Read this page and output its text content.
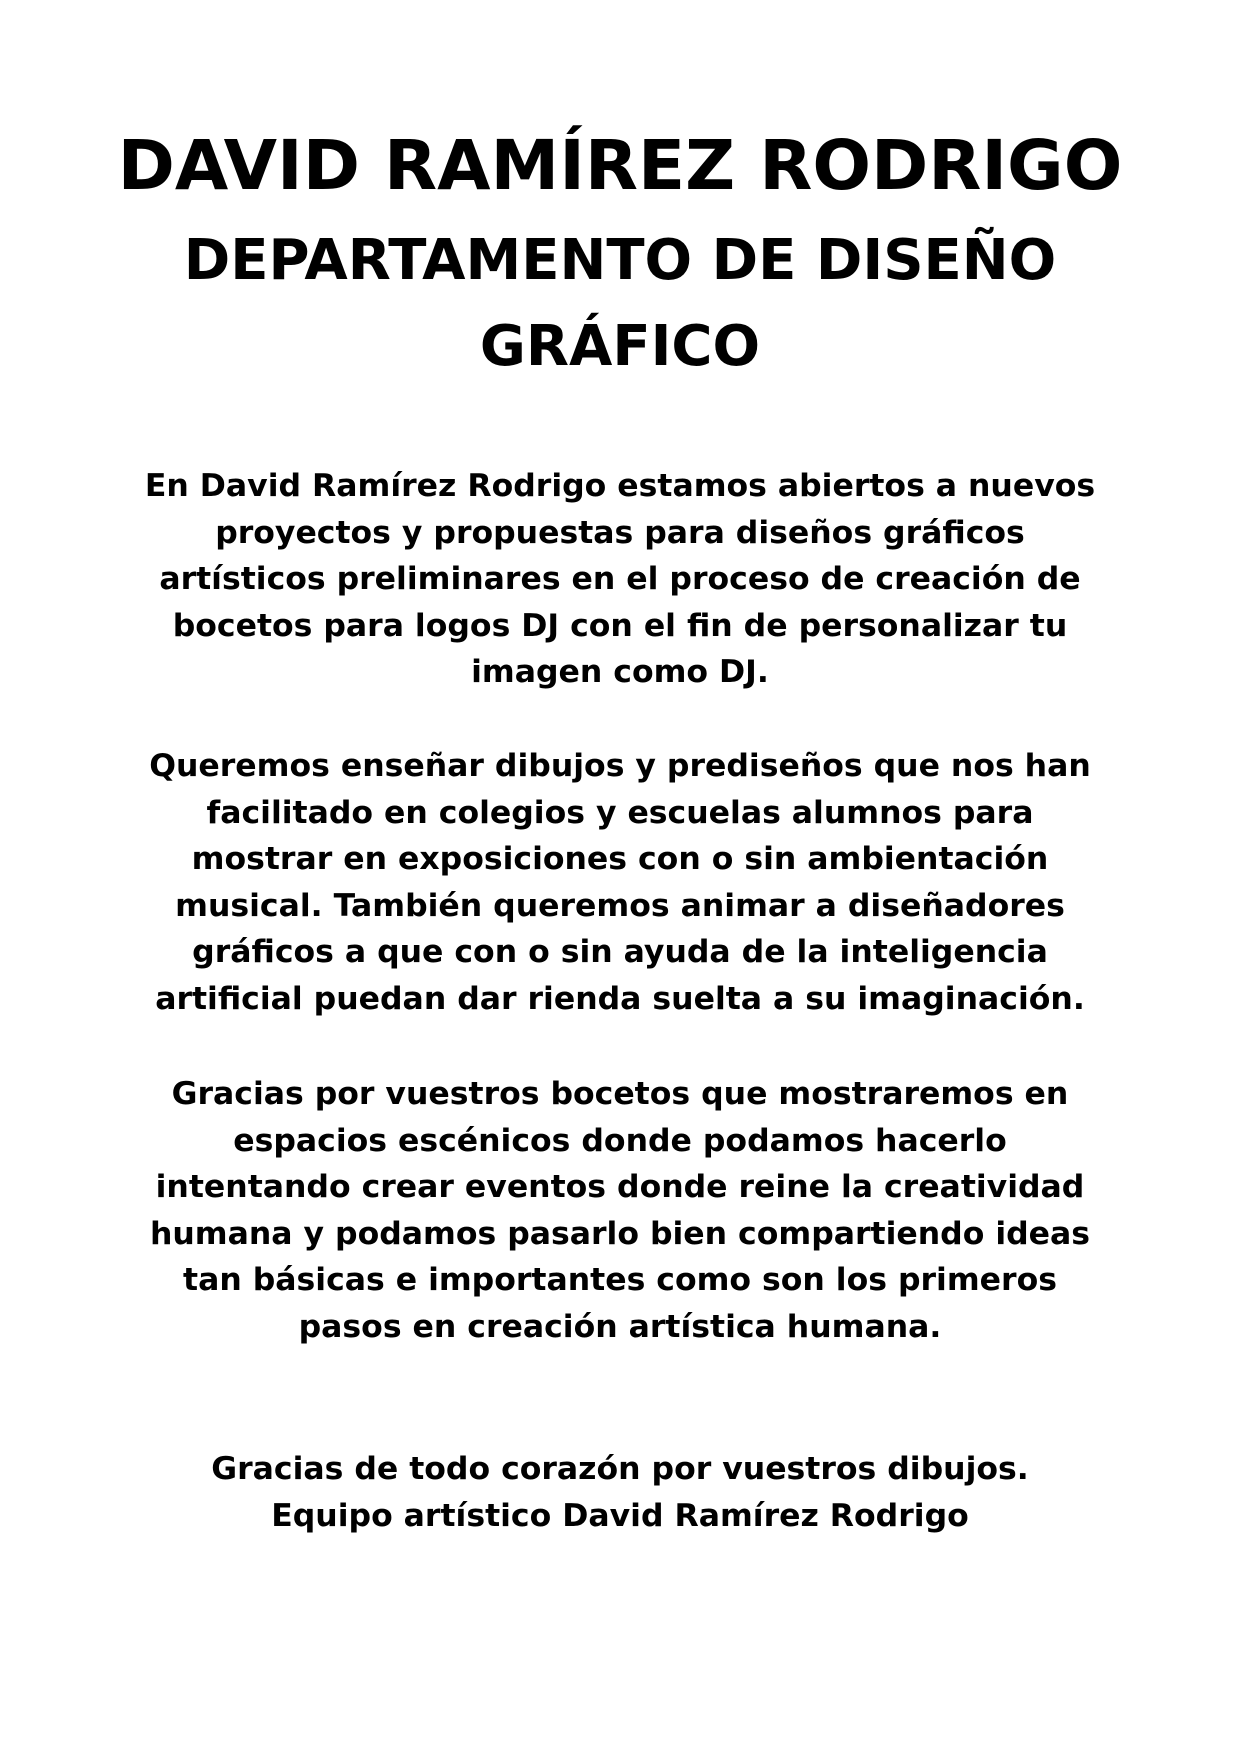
DAVID RAMÍREZ RODRIGO
DEPARTAMENTO DE DISEÑO
GRÁFICO

En David Ramírez Rodrigo estamos abiertos a nuevos
proyectos y propuestas para diseños gráficos
artísticos preliminares en el proceso de creación de
bocetos para logos DJ con el fin de personalizar tu
imagen como DJ.

Queremos enseñar dibujos y prediseños que nos han
facilitado en colegios y escuelas alumnos para
mostrar en exposiciones con o sin ambientación
musical. También queremos animar a diseñadores
gráficos a que con o sin ayuda de la inteligencia
artificial puedan dar rienda suelta a su imaginación.

Gracias por vuestros bocetos que mostraremos en
espacios escénicos donde podamos hacerlo
intentando crear eventos donde reine la creatividad
humana y podamos pasarlo bien compartiendo ideas
tan básicas e importantes como son los primeros
pasos en creación artística humana.

Gracias de todo corazón por vuestros dibujos.
Equipo artístico David Ramírez Rodrigo
